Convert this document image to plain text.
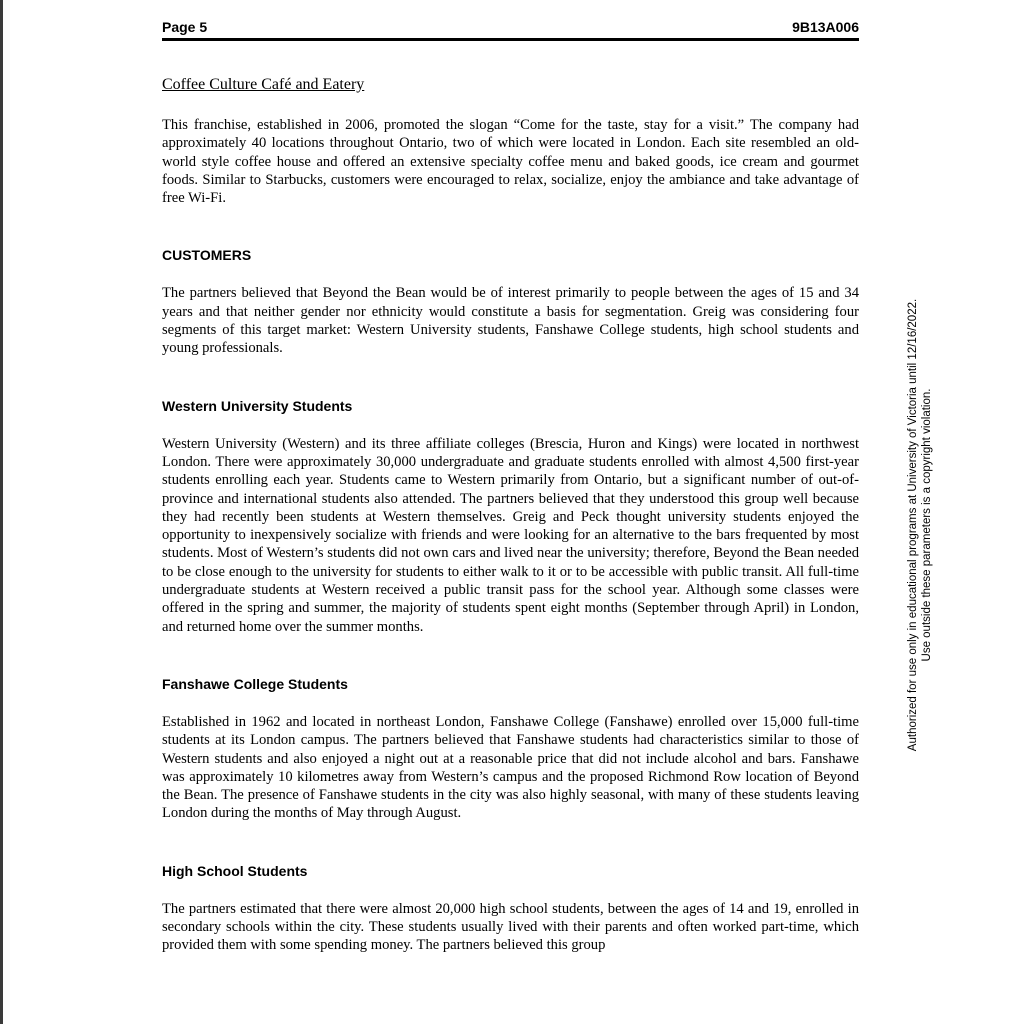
Page 5	9B13A006
Coffee Culture Café and Eatery

This franchise, established in 2006, promoted the slogan “Come for the taste, stay for a visit.” The company had approximately 40 locations throughout Ontario, two of which were located in London. Each site resembled an old-world style coffee house and offered an extensive specialty coffee menu and baked goods, ice cream and gourmet foods. Similar to Starbucks, customers were encouraged to relax, socialize, enjoy the ambiance and take advantage of free Wi-Fi.

CUSTOMERS

The partners believed that Beyond the Bean would be of interest primarily to people between the ages of 15 and 34 years and that neither gender nor ethnicity would constitute a basis for segmentation. Greig was considering four segments of this target market: Western University students, Fanshawe College students, high school students and young professionals.

Western University Students

Western University (Western) and its three affiliate colleges (Brescia, Huron and Kings) were located in northwest London. There were approximately 30,000 undergraduate and graduate students enrolled with almost 4,500 first-year students enrolling each year. Students came to Western primarily from Ontario, but a significant number of out-of-province and international students also attended. The partners believed that they understood this group well because they had recently been students at Western themselves. Greig and Peck thought university students enjoyed the opportunity to inexpensively socialize with friends and were looking for an alternative to the bars frequented by most students. Most of Western’s students did not own cars and lived near the university; therefore, Beyond the Bean needed to be close enough to the university for students to either walk to it or to be accessible with public transit. All full-time undergraduate students at Western received a public transit pass for the school year. Although some classes were offered in the spring and summer, the majority of students spent eight months (September through April) in London, and returned home over the summer months.

Fanshawe College Students

Established in 1962 and located in northeast London, Fanshawe College (Fanshawe) enrolled over 15,000 full-time students at its London campus. The partners believed that Fanshawe students had characteristics similar to those of Western students and also enjoyed a night out at a reasonable price that did not include alcohol and bars. Fanshawe was approximately 10 kilometres away from Western’s campus and the proposed Richmond Row location of Beyond the Bean. The presence of Fanshawe students in the city was also highly seasonal, with many of these students leaving London during the months of May through August.

High School Students

The partners estimated that there were almost 20,000 high school students, between the ages of 14 and 19, enrolled in secondary schools within the city. These students usually lived with their parents and often worked part-time, which provided them with some spending money. The partners believed this group

Authorized for use only in educational programs at University of Victoria until 12/16/2022. Use outside these parameters is a copyright violation.
